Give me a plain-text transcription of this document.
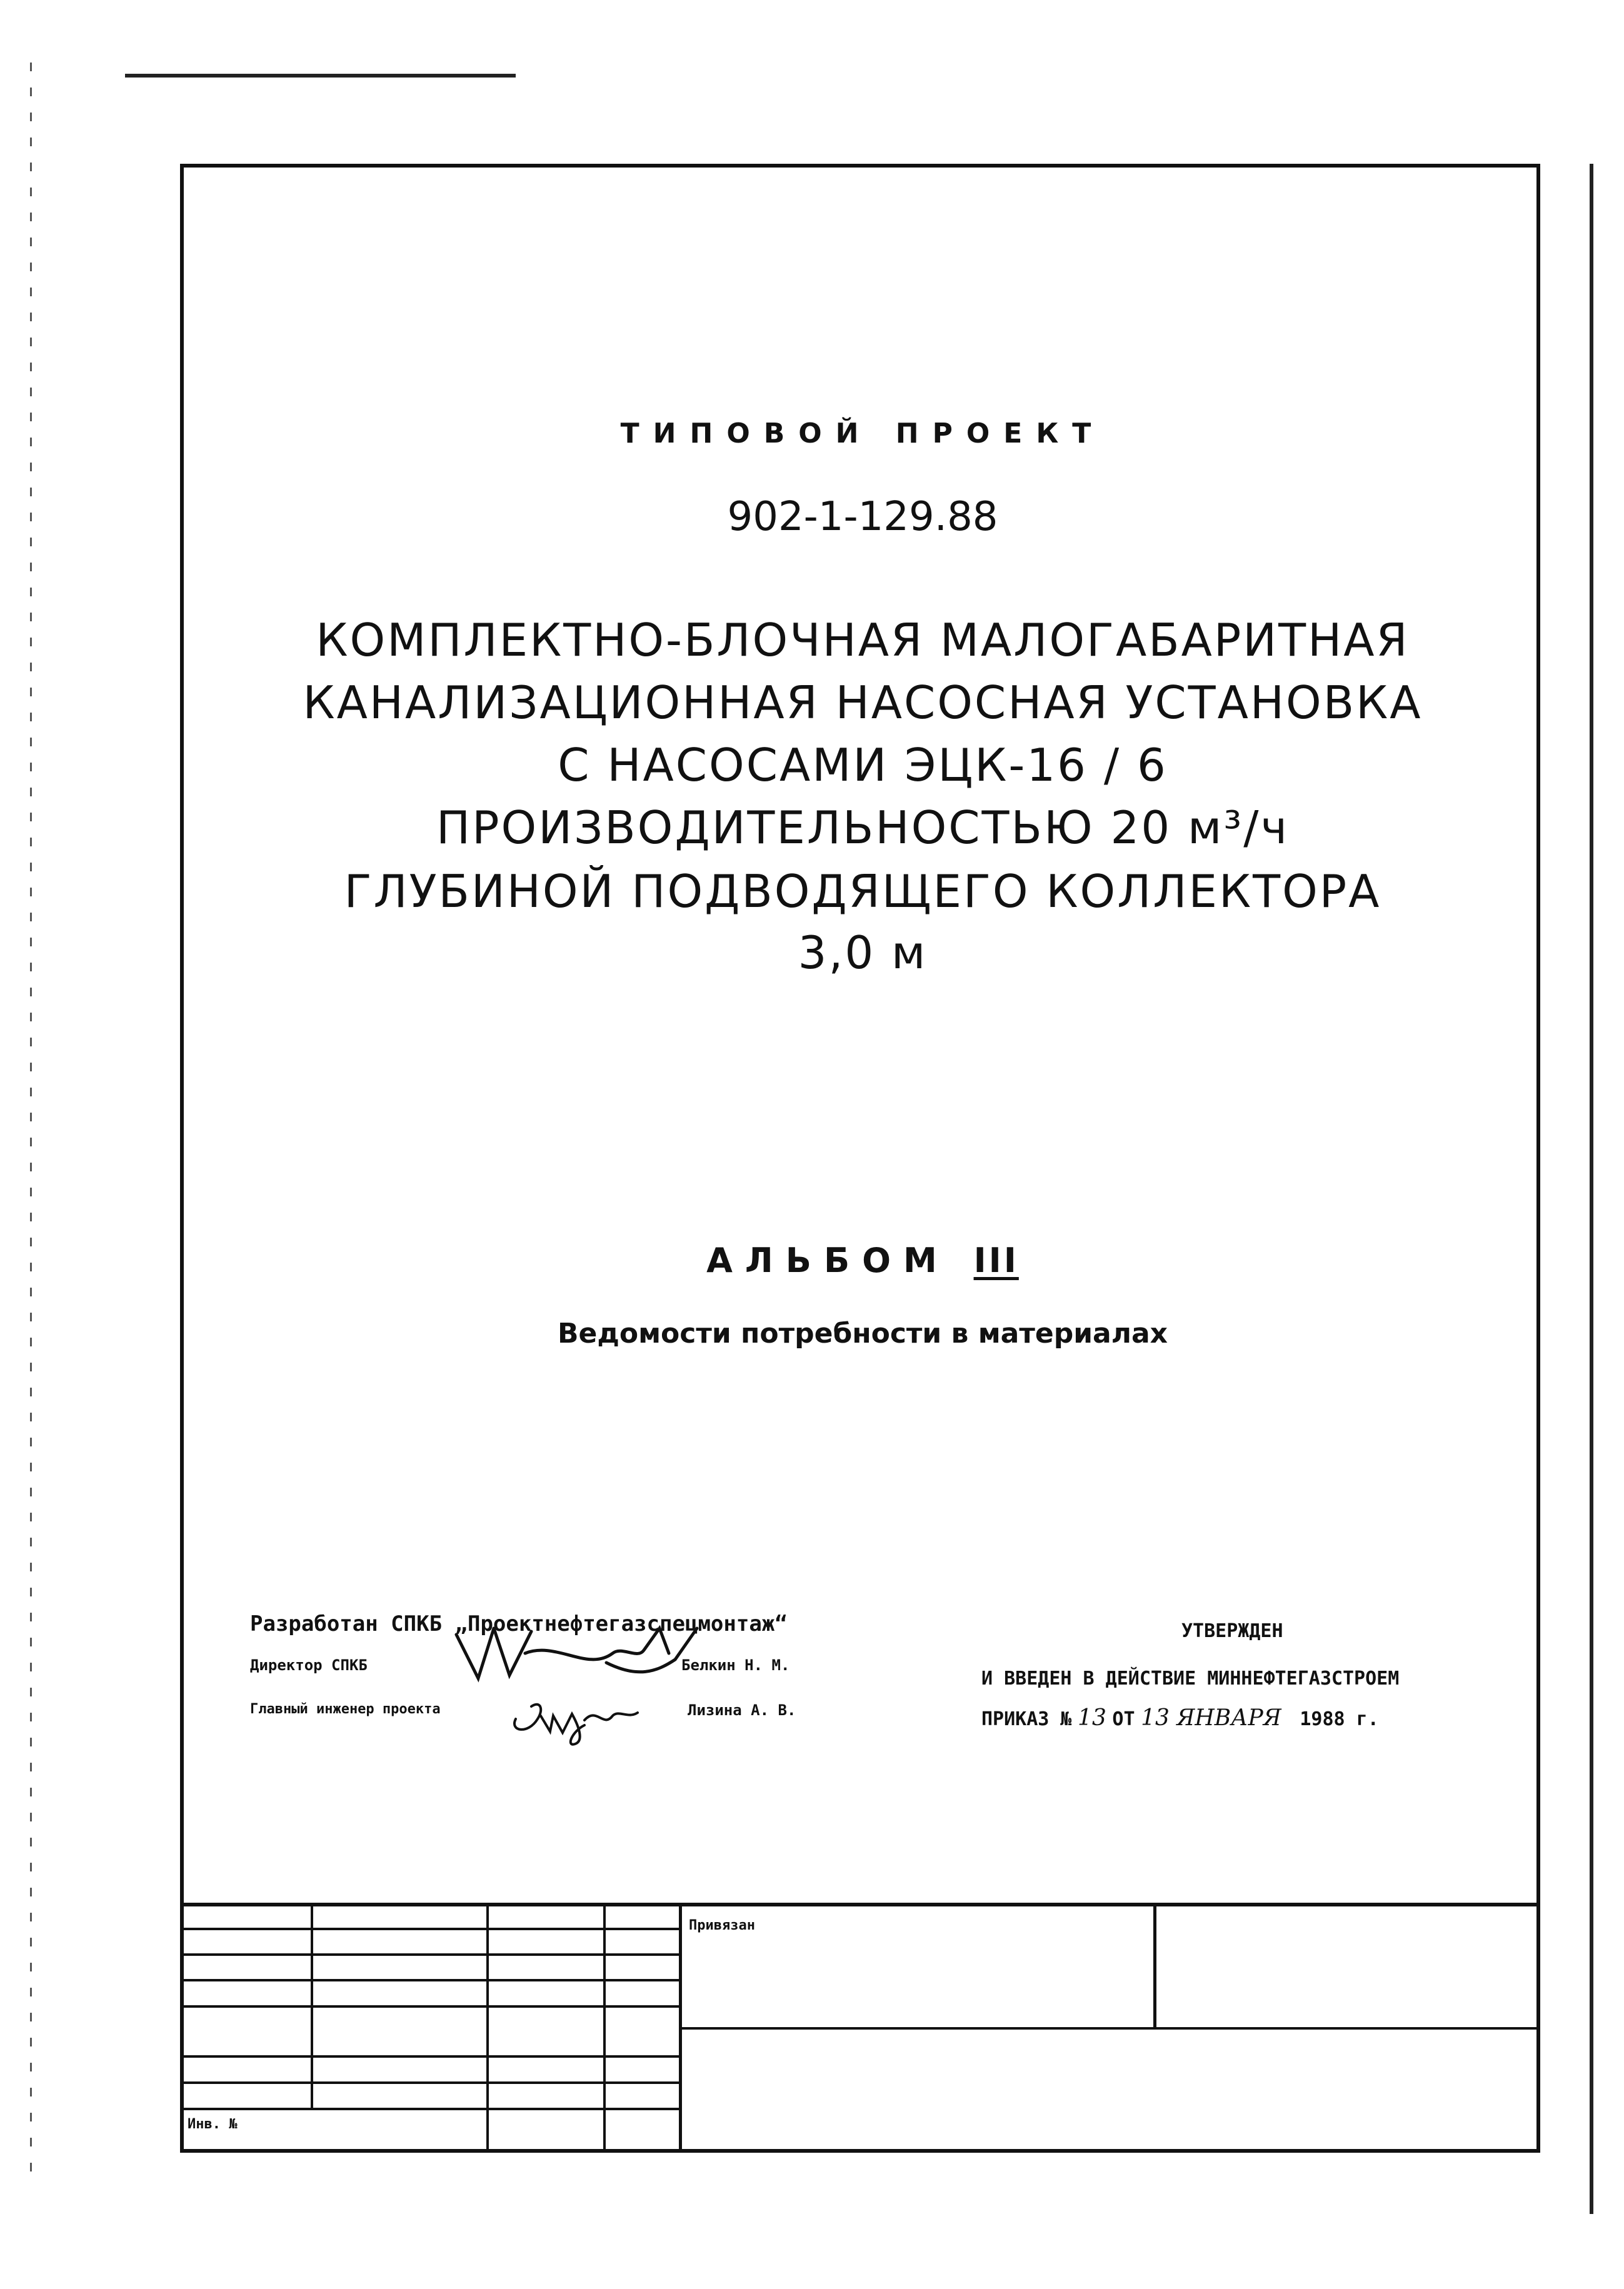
ТИПОВОЙ ПРОЕКТ
902-1-129.88
КОМПЛЕКТНО-БЛОЧНАЯ МАЛОГАБАРИТНАЯ
КАНАЛИЗАЦИОННАЯ НАСОСНАЯ УСТАНОВКА
С НАСОСАМИ ЭЦК-16 / 6
ПРОИЗВОДИТЕЛЬНОСТЬЮ 20 м³/ч
ГЛУБИНОЙ ПОДВОДЯЩЕГО КОЛЛЕКТОРА
3,0 м
АЛЬБОМ III
Ведомости потребности в материалах
Разработан СПКБ „Проектнефтегазспецмонтаж“
Директор СПКБ	Белкин Н. М.
Главный инженер проекта	Лизина А. В.
УТВЕРЖДЕН
И ВВЕДЕН В ДЕЙСТВИЕ МИННЕФТЕГАЗСТРОЕМ
ПРИКАЗ № 13 ОТ 13 ЯНВАРЯ 1988 г.
Привязан
Инв. №
